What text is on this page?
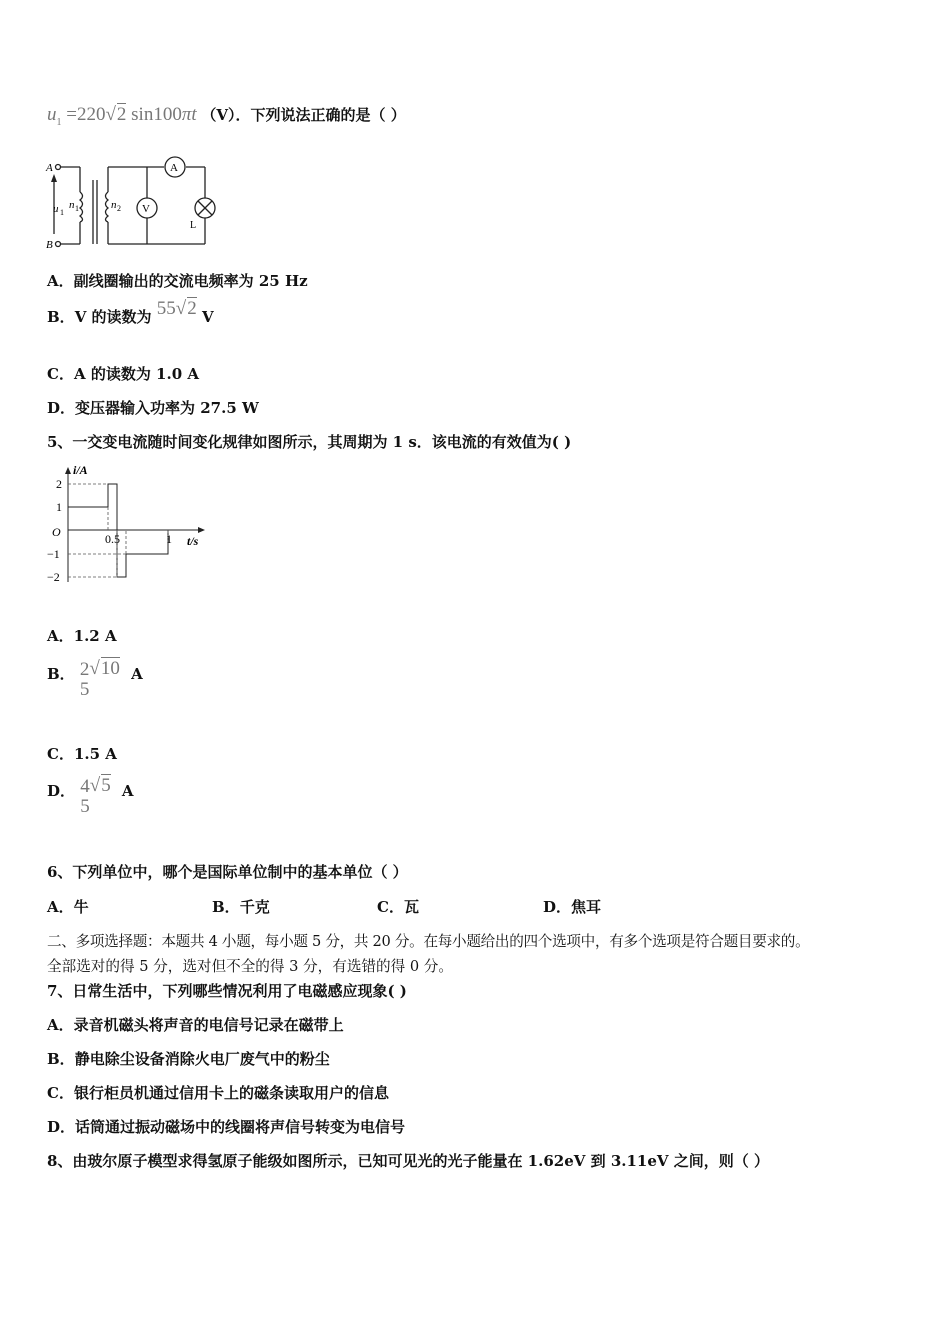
$u_1 =220√2$ sin100πt （V）．下列说法正确的是（ ）
A
B
u 1
n 1	n 2
A
V
L
A．副线圈输出的交流电频率为 25 Hz
B．V 的读数为 55√2 V
C．A 的读数为 1.0 A
D．变压器输入功率为 27.5 W
5、一交变电流随时间变化规律如图所示，其周期为 1 s．该电流的有效值为( )
i/A
t/s
O
2
1
−1
−2
0.5	1
A．1.2 A
B． 2
5
√10 A
C．1.5 A
D． 4
5
√5 A
6、下列单位中，哪个是国际单位制中的基本单位（ ）
A．牛	B．千克	C．瓦	D．焦耳
二、多项选择题：本题共 4 小题，每小题 5 分，共 20 分。在每小题给出的四个选项中，有多个选项是符合题目要求的。
全部选对的得 5 分，选对但不全的得 3 分，有选错的得 0 分。
7、日常生活中，下列哪些情况利用了电磁感应现象( )
A．录音机磁头将声音的电信号记录在磁带上
B．静电除尘设备消除火电厂废气中的粉尘
C．银行柜员机通过信用卡上的磁条读取用户的信息
D．话筒通过振动磁场中的线圈将声信号转变为电信号
8、由玻尔原子模型求得氢原子能级如图所示，已知可见光的光子能量在 1.62eV 到 3.11eV 之间，则（ ）
